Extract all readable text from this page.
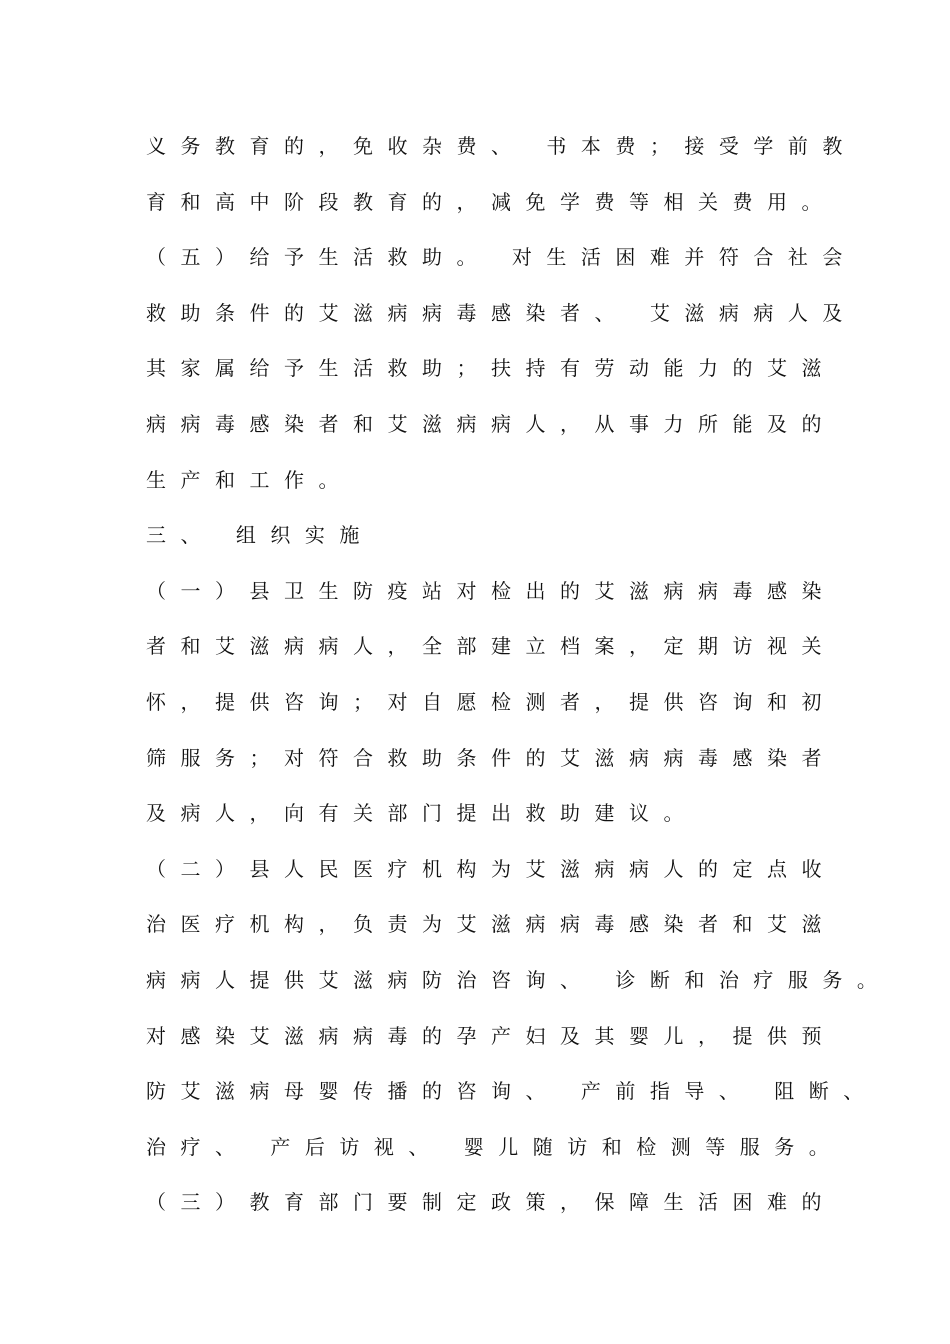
义务教育的，免收杂费、 书本费；接受学前教
育和高中阶段教育的，减免学费等相关费用。
（五）给予生活救助。 对生活困难并符合社会
救助条件的艾滋病病毒感染者、 艾滋病病人及
其家属给予生活救助；扶持有劳动能力的艾滋
病病毒感染者和艾滋病病人，从事力所能及的
生产和工作。
三、 组织实施
（一）县卫生防疫站对检出的艾滋病病毒感染
者和艾滋病病人，全部建立档案，定期访视关
怀，提供咨询；对自愿检测者，提供咨询和初
筛服务；对符合救助条件的艾滋病病毒感染者
及病人，向有关部门提出救助建议。
（二）县人民医疗机构为艾滋病病人的定点收
治医疗机构，负责为艾滋病病毒感染者和艾滋
病病人提供艾滋病防治咨询、 诊断和治疗服务。
对感染艾滋病病毒的孕产妇及其婴儿，提供预
防艾滋病母婴传播的咨询、 产前指导、 阻断、
治疗、 产后访视、 婴儿随访和检测等服务。
（三）教育部门要制定政策，保障生活困难的
